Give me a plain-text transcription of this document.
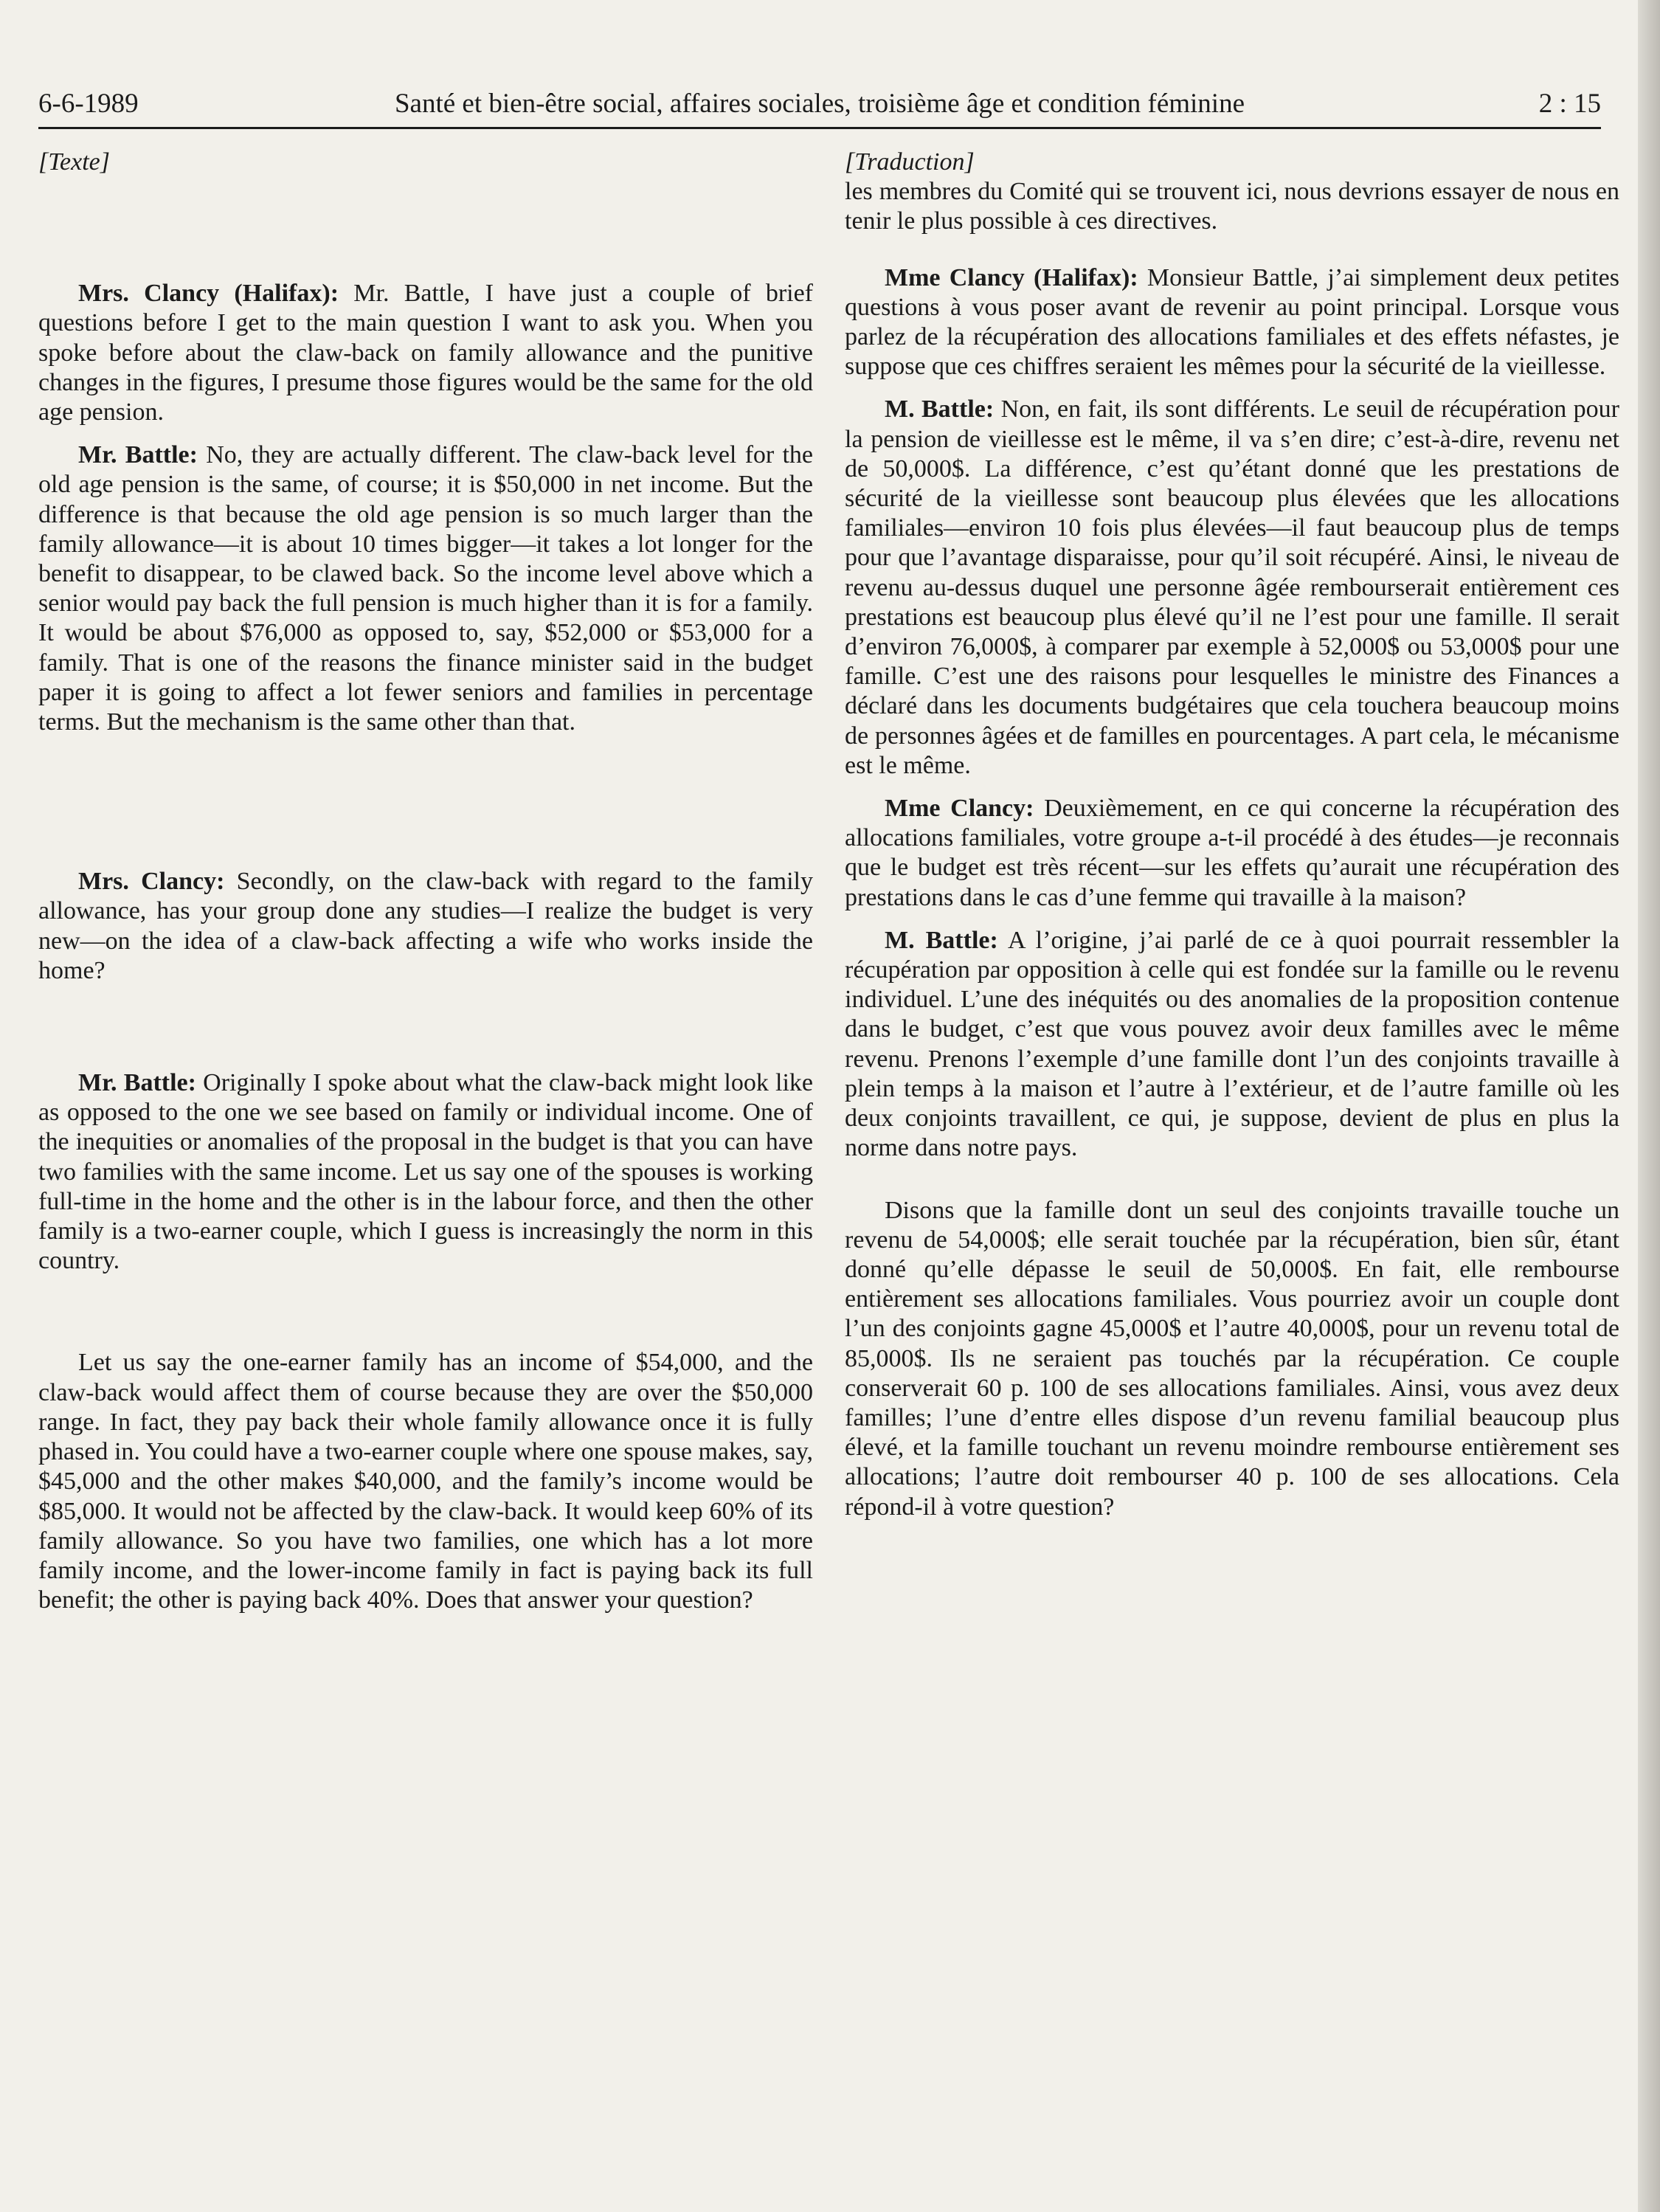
6-6-1989	Santé et bien-être social, affaires sociales, troisième âge et condition féminine	2 : 15

[Texte]

Mrs. Clancy (Halifax): Mr. Battle, I have just a couple of brief questions before I get to the main question I want to ask you. When you spoke before about the claw-back on family allowance and the punitive changes in the figures, I presume those figures would be the same for the old age pension.

Mr. Battle: No, they are actually different. The claw-back level for the old age pension is the same, of course; it is $50,000 in net income. But the difference is that because the old age pension is so much larger than the family allowance—it is about 10 times bigger—it takes a lot longer for the benefit to disappear, to be clawed back. So the income level above which a senior would pay back the full pension is much higher than it is for a family. It would be about $76,000 as opposed to, say, $52,000 or $53,000 for a family. That is one of the reasons the finance minister said in the budget paper it is going to affect a lot fewer seniors and families in percentage terms. But the mechanism is the same other than that.

Mrs. Clancy: Secondly, on the claw-back with regard to the family allowance, has your group done any studies—I realize the budget is very new—on the idea of a claw-back affecting a wife who works inside the home?

Mr. Battle: Originally I spoke about what the claw-back might look like as opposed to the one we see based on family or individual income. One of the inequities or anomalies of the proposal in the budget is that you can have two families with the same income. Let us say one of the spouses is working full-time in the home and the other is in the labour force, and then the other family is a two-earner couple, which I guess is increasingly the norm in this country.

Let us say the one-earner family has an income of $54,000, and the claw-back would affect them of course because they are over the $50,000 range. In fact, they pay back their whole family allowance once it is fully phased in. You could have a two-earner couple where one spouse makes, say, $45,000 and the other makes $40,000, and the family’s income would be $85,000. It would not be affected by the claw-back. It would keep 60% of its family allowance. So you have two families, one which has a lot more family income, and the lower-income family in fact is paying back its full benefit; the other is paying back 40%. Does that answer your question?

[Traduction]

les membres du Comité qui se trouvent ici, nous devrions essayer de nous en tenir le plus possible à ces directives.

Mme Clancy (Halifax): Monsieur Battle, j’ai simplement deux petites questions à vous poser avant de revenir au point principal. Lorsque vous parlez de la récupération des allocations familiales et des effets néfastes, je suppose que ces chiffres seraient les mêmes pour la sécurité de la vieillesse.

M. Battle: Non, en fait, ils sont différents. Le seuil de récupération pour la pension de vieillesse est le même, il va s’en dire; c’est-à-dire, revenu net de 50,000$. La différence, c’est qu’étant donné que les prestations de sécurité de la vieillesse sont beaucoup plus élevées que les allocations familiales—environ 10 fois plus élevées—il faut beaucoup plus de temps pour que l’avantage disparaisse, pour qu’il soit récupéré. Ainsi, le niveau de revenu au-dessus duquel une personne âgée rembourserait entièrement ces prestations est beaucoup plus élevé qu’il ne l’est pour une famille. Il serait d’environ 76,000$, à comparer par exemple à 52,000$ ou 53,000$ pour une famille. C’est une des raisons pour lesquelles le ministre des Finances a déclaré dans les documents budgétaires que cela touchera beaucoup moins de personnes âgées et de familles en pourcentages. A part cela, le mécanisme est le même.

Mme Clancy: Deuxièmement, en ce qui concerne la récupération des allocations familiales, votre groupe a-t-il procédé à des études—je reconnais que le budget est très récent—sur les effets qu’aurait une récupération des prestations dans le cas d’une femme qui travaille à la maison?

M. Battle: A l’origine, j’ai parlé de ce à quoi pourrait ressembler la récupération par opposition à celle qui est fondée sur la famille ou le revenu individuel. L’une des inéquités ou des anomalies de la proposition contenue dans le budget, c’est que vous pouvez avoir deux familles avec le même revenu. Prenons l’exemple d’une famille dont l’un des conjoints travaille à plein temps à la maison et l’autre à l’extérieur, et de l’autre famille où les deux conjoints travaillent, ce qui, je suppose, devient de plus en plus la norme dans notre pays.

Disons que la famille dont un seul des conjoints travaille touche un revenu de 54,000$; elle serait touchée par la récupération, bien sûr, étant donné qu’elle dépasse le seuil de 50,000$. En fait, elle rembourse entièrement ses allocations familiales. Vous pourriez avoir un couple dont l’un des conjoints gagne 45,000$ et l’autre 40,000$, pour un revenu total de 85,000$. Ils ne seraient pas touchés par la récupération. Ce couple conserverait 60 p. 100 de ses allocations familiales. Ainsi, vous avez deux familles; l’une d’entre elles dispose d’un revenu familial beaucoup plus élevé, et la famille touchant un revenu moindre rembourse entièrement ses allocations; l’autre doit rembourser 40 p. 100 de ses allocations. Cela répond-il à votre question?
